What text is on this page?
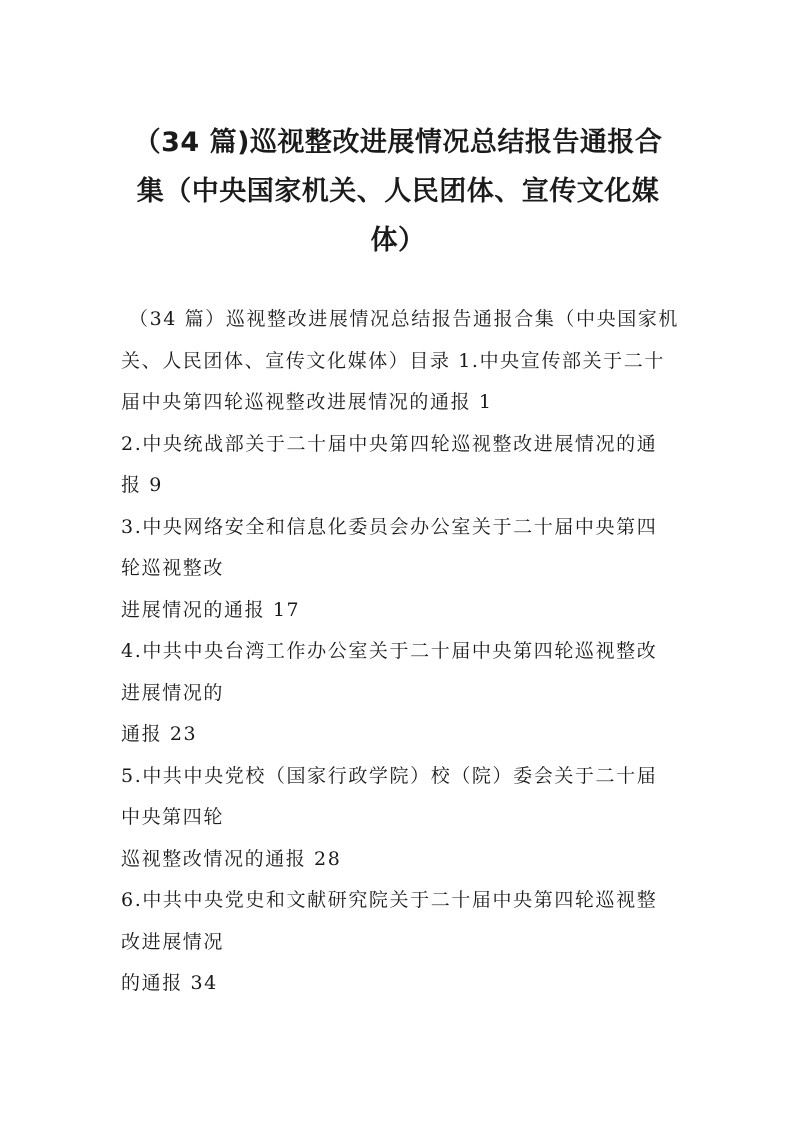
（34 篇)巡视整改进展情况总结报告通报合
集（中央国家机关、人民团体、宣传文化媒
体）
（34 篇）巡视整改进展情况总结报告通报合集（中央国家机
关、人民团体、宣传文化媒体）目录 1.中央宣传部关于二十
届中央第四轮巡视整改进展情况的通报 1
2.中央统战部关于二十届中央第四轮巡视整改进展情况的通
报 9
3.中央网络安全和信息化委员会办公室关于二十届中央第四
轮巡视整改
进展情况的通报 17
4.中共中央台湾工作办公室关于二十届中央第四轮巡视整改
进展情况的
通报 23
5.中共中央党校（国家行政学院）校（院）委会关于二十届
中央第四轮
巡视整改情况的通报 28
6.中共中央党史和文献研究院关于二十届中央第四轮巡视整
改进展情况
的通报 34
